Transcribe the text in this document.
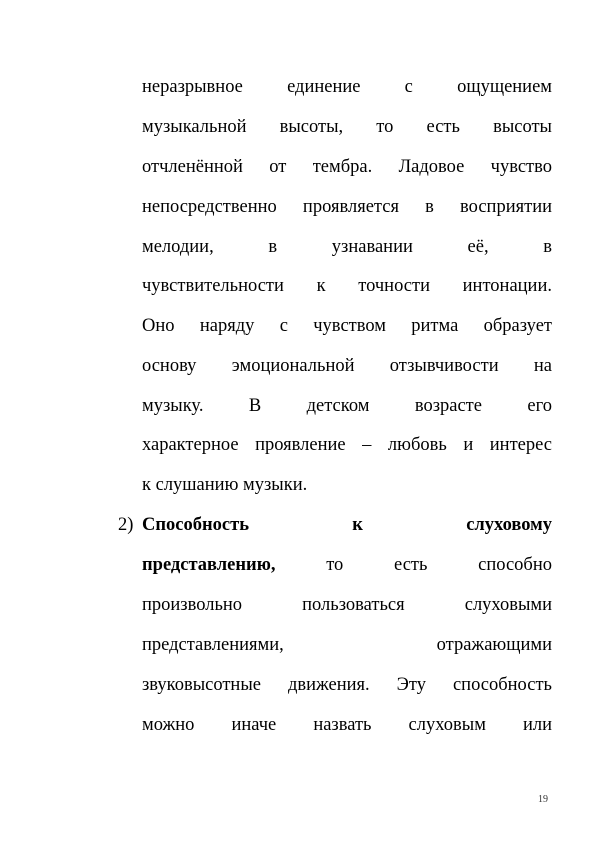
неразрывное единение с ощущением
музыкальной высоты, то есть высоты
отчленённой от тембра. Ладовое чувство
непосредственно проявляется в восприятии
мелодии, в узнавании её, в
чувствительности к точности интонации.
Оно наряду с чувством ритма образует
основу эмоциональной отзывчивости на
музыку. В детском возрасте его
характерное проявление – любовь и интерес
к слушанию музыки.
2) Способность к слуховому
представлению, то есть способно
произвольно пользоваться слуховыми
представлениями, отражающими
звуковысотные движения. Эту способность
можно иначе назвать слуховым или
19
